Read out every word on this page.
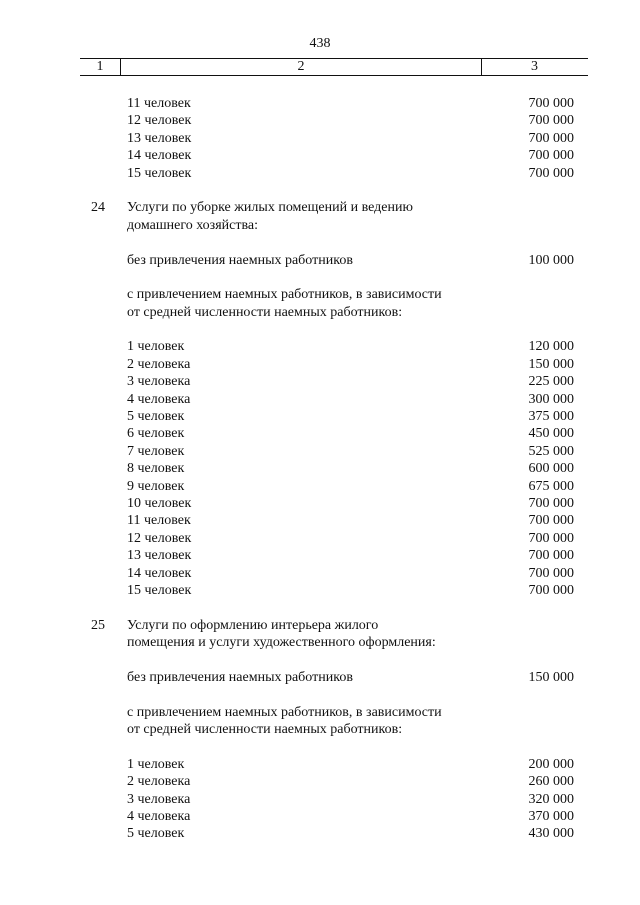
438
1	2	3
11 человек	700 000
12 человек	700 000
13 человек	700 000
14 человек	700 000
15 человек	700 000
24 Услуги по уборке жилых помещений и ведению
домашнего хозяйства:
без привлечения наемных работников	100 000
с привлечением наемных работников, в зависимости
от средней численности наемных работников:
1 человек	120 000
2 человека	150 000
3 человека	225 000
4 человека	300 000
5 человек	375 000
6 человек	450 000
7 человек	525 000
8 человек	600 000
9 человек	675 000
10 человек	700 000
11 человек	700 000
12 человек	700 000
13 человек	700 000
14 человек	700 000
15 человек	700 000
25 Услуги по оформлению интерьера жилого
помещения и услуги художественного оформления:
без привлечения наемных работников	150 000
с привлечением наемных работников, в зависимости
от средней численности наемных работников:
1 человек	200 000
2 человека	260 000
3 человека	320 000
4 человека	370 000
5 человек	430 000
